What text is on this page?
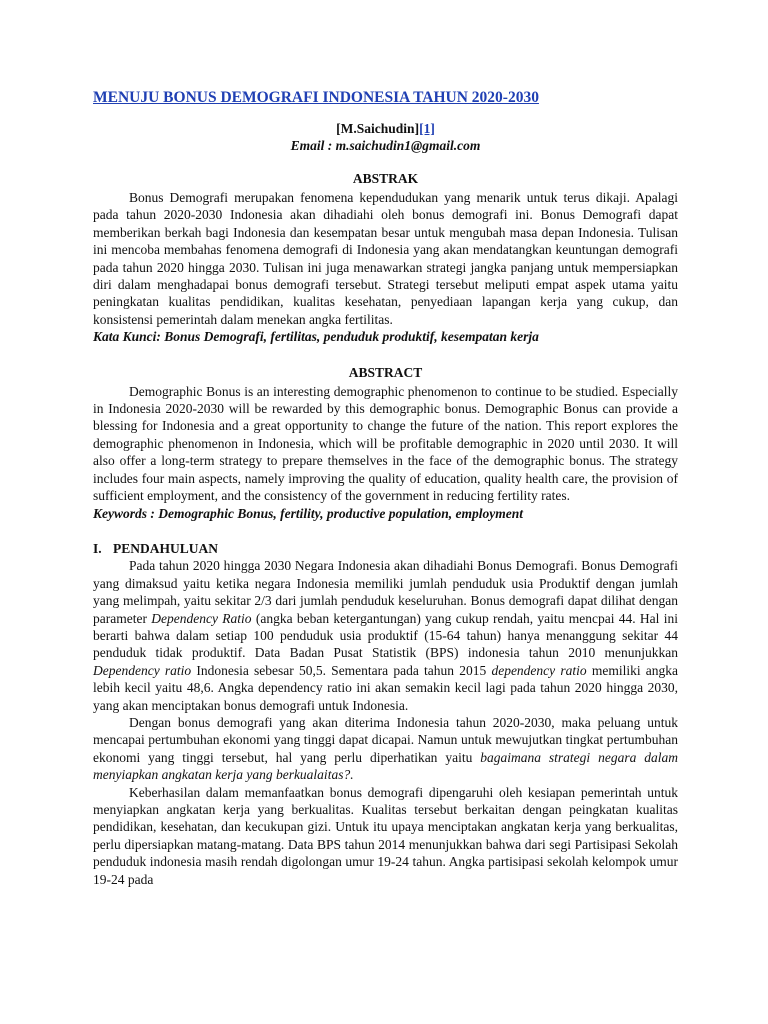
MENUJU BONUS DEMOGRAFI INDONESIA TAHUN 2020-2030
[M.Saichudin][1]
Email : m.saichudin1@gmail.com
ABSTRAK

Bonus Demografi merupakan fenomena kependudukan yang menarik untuk terus dikaji. Apalagi pada tahun 2020-2030 Indonesia akan dihadiahi oleh bonus demografi ini. Bonus Demografi dapat memberikan berkah bagi Indonesia dan kesempatan besar untuk mengubah masa depan Indonesia. Tulisan ini mencoba membahas fenomena demografi di Indonesia yang akan mendatangkan keuntungan demografi pada tahun 2020 hingga 2030. Tulisan ini juga menawarkan strategi jangka panjang untuk mempersiapkan diri dalam menghadapai bonus demografi tersebut. Strategi tersebut meliputi empat aspek utama yaitu peningkatan kualitas pendidikan, kualitas kesehatan, penyediaan lapangan kerja yang cukup, dan konsistensi pemerintah dalam menekan angka fertilitas.

Kata Kunci: Bonus Demografi, fertilitas, penduduk produktif, kesempatan kerja
ABSTRACT

Demographic Bonus is an interesting demographic phenomenon to continue to be studied. Especially in Indonesia 2020-2030 will be rewarded by this demographic bonus. Demographic Bonus can provide a blessing for Indonesia and a great opportunity to change the future of the nation. This report explores the demographic phenomenon in Indonesia, which will be profitable demographic in 2020 until 2030. It will also offer a long-term strategy to prepare themselves in the face of the demographic bonus. The strategy includes four main aspects, namely improving the quality of education, quality health care, the provision of sufficient employment, and the consistency of the government in reducing fertility rates.

Keywords : Demographic Bonus, fertility, productive population, employment
I. PENDAHULUAN

Pada tahun 2020 hingga 2030 Negara Indonesia akan dihadiahi Bonus Demografi. Bonus Demografi yang dimaksud yaitu ketika negara Indonesia memiliki jumlah penduduk usia Produktif dengan jumlah yang melimpah, yaitu sekitar 2/3 dari jumlah penduduk keseluruhan. Bonus demografi dapat dilihat dengan parameter Dependency Ratio (angka beban ketergantungan) yang cukup rendah, yaitu mencpai 44. Hal ini berarti bahwa dalam setiap 100 penduduk usia produktif (15-64 tahun) hanya menanggung sekitar 44 penduduk tidak produktif. Data Badan Pusat Statistik (BPS) indonesia tahun 2010 menunjukkan Dependency ratio Indonesia sebesar 50,5. Sementara pada tahun 2015 dependency ratio memiliki angka lebih kecil yaitu 48,6. Angka dependency ratio ini akan semakin kecil lagi pada tahun 2020 hingga 2030, yang akan menciptakan bonus demografi untuk Indonesia.

Dengan bonus demografi yang akan diterima Indonesia tahun 2020-2030, maka peluang untuk mencapai pertumbuhan ekonomi yang tinggi dapat dicapai. Namun untuk mewujutkan tingkat pertumbuhan ekonomi yang tinggi tersebut, hal yang perlu diperhatikan yaitu bagaimana strategi negara dalam menyiapkan angkatan kerja yang berkualaitas?.

Keberhasilan dalam memanfaatkan bonus demografi dipengaruhi oleh kesiapan pemerintah untuk menyiapkan angkatan kerja yang berkualitas. Kualitas tersebut berkaitan dengan peingkatan kualitas pendidikan, kesehatan, dan kecukupan gizi. Untuk itu upaya menciptakan angkatan kerja yang berkualitas, perlu dipersiapkan matang-matang. Data BPS tahun 2014 menunjukkan bahwa dari segi Partisipasi Sekolah penduduk indonesia masih rendah digolongan umur 19-24 tahun. Angka partisipasi sekolah kelompok umur 19-24 pada
